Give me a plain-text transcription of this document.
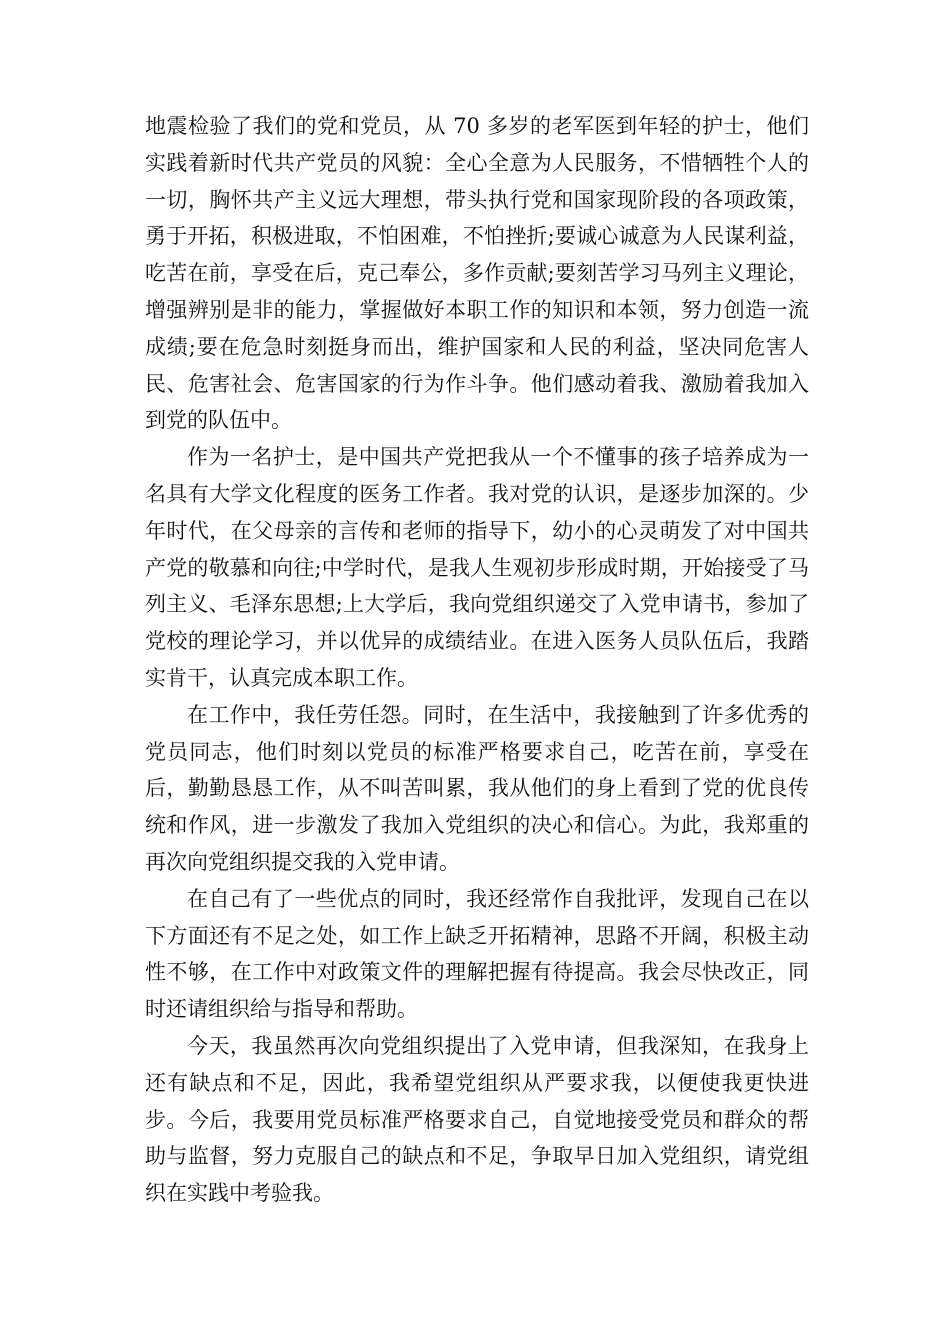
地震检验了我们的党和党员，从 70 多岁的老军医到年轻的护士，他们实践着新时代共产党员的风貌：全心全意为人民服务，不惜牺牲个人的一切，胸怀共产主义远大理想，带头执行党和国家现阶段的各项政策，勇于开拓，积极进取，不怕困难，不怕挫折;要诚心诚意为人民谋利益，吃苦在前，享受在后，克己奉公，多作贡献;要刻苦学习马列主义理论，增强辨别是非的能力，掌握做好本职工作的知识和本领，努力创造一流成绩;要在危急时刻挺身而出，维护国家和人民的利益，坚决同危害人民、危害社会、危害国家的行为作斗争。他们感动着我、激励着我加入到党的队伍中。

作为一名护士，是中国共产党把我从一个不懂事的孩子培养成为一名具有大学文化程度的医务工作者。我对党的认识，是逐步加深的。少年时代，在父母亲的言传和老师的指导下，幼小的心灵萌发了对中国共产党的敬慕和向往;中学时代，是我人生观初步形成时期，开始接受了马列主义、毛泽东思想;上大学后，我向党组织递交了入党申请书，参加了党校的理论学习，并以优异的成绩结业。在进入医务人员队伍后，我踏实肯干，认真完成本职工作。

在工作中，我任劳任怨。同时，在生活中，我接触到了许多优秀的党员同志，他们时刻以党员的标准严格要求自己，吃苦在前，享受在后，勤勤恳恳工作，从不叫苦叫累，我从他们的身上看到了党的优良传统和作风，进一步激发了我加入党组织的决心和信心。为此，我郑重的再次向党组织提交我的入党申请。

在自己有了一些优点的同时，我还经常作自我批评，发现自己在以下方面还有不足之处，如工作上缺乏开拓精神，思路不开阔，积极主动性不够，在工作中对政策文件的理解把握有待提高。我会尽快改正，同时还请组织给与指导和帮助。

今天，我虽然再次向党组织提出了入党申请，但我深知，在我身上还有缺点和不足，因此，我希望党组织从严要求我，以便使我更快进步。今后，我要用党员标准严格要求自己，自觉地接受党员和群众的帮助与监督，努力克服自己的缺点和不足，争取早日加入党组织，请党组织在实践中考验我。
